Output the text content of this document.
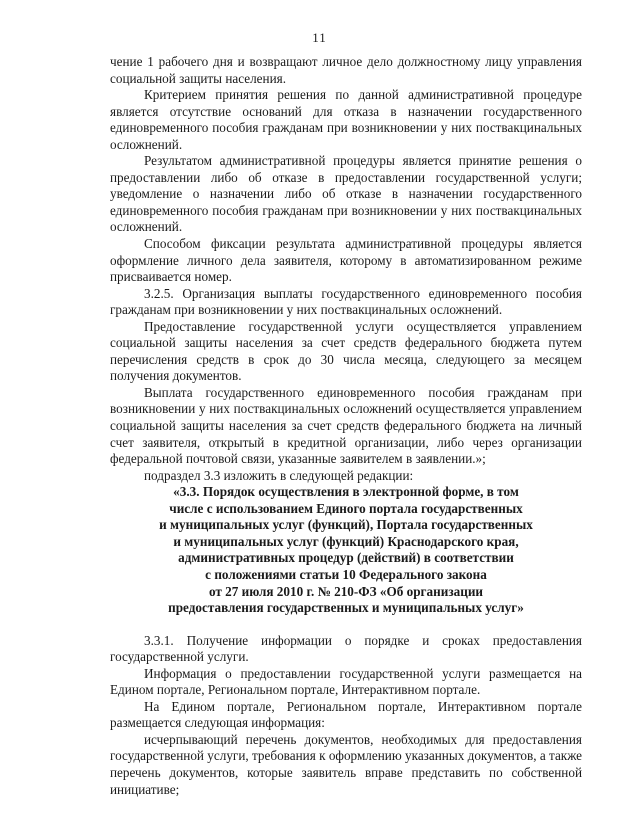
11

чение 1 рабочего дня и возвращают личное дело должностному лицу управления социальной защиты населения.

Критерием принятия решения по данной административной процедуре является отсутствие оснований для отказа в назначении государственного единовременного пособия гражданам при возникновении у них поствакцинальных осложнений.

Результатом административной процедуры является принятие решения о предоставлении либо об отказе в предоставлении государственной услуги; уведомление о назначении либо об отказе в назначении государственного единовременного пособия гражданам при возникновении у них поствакцинальных осложнений.

Способом фиксации результата административной процедуры является оформление личного дела заявителя, которому в автоматизированном режиме присваивается номер.

3.2.5. Организация выплаты государственного единовременного пособия гражданам при возникновении у них поствакцинальных осложнений.

Предоставление государственной услуги осуществляется управлением социальной защиты населения за счет средств федерального бюджета путем перечисления средств в срок до 30 числа месяца, следующего за месяцем получения документов.

Выплата государственного единовременного пособия гражданам при возникновении у них поствакцинальных осложнений осуществляется управлением социальной защиты населения за счет средств федерального бюджета на личный счет заявителя, открытый в кредитной организации, либо через организации федеральной почтовой связи, указанные заявителем в заявлении.»;

подраздел 3.3 изложить в следующей редакции:

«3.3. Порядок осуществления в электронной форме, в том
числе с использованием Единого портала государственных
и муниципальных услуг (функций), Портала государственных
и муниципальных услуг (функций) Краснодарского края,
административных процедур (действий) в соответствии
с положениями статьи 10 Федерального закона
от 27 июля 2010 г. № 210-ФЗ «Об организации
предоставления государственных и муниципальных услуг»

3.3.1. Получение информации о порядке и сроках предоставления государственной услуги.

Информация о предоставлении государственной услуги размещается на Едином портале, Региональном портале, Интерактивном портале.

На Едином портале, Региональном портале, Интерактивном портале размещается следующая информация:

исчерпывающий перечень документов, необходимых для предоставления государственной услуги, требования к оформлению указанных документов, а также перечень документов, которые заявитель вправе представить по собственной инициативе;
